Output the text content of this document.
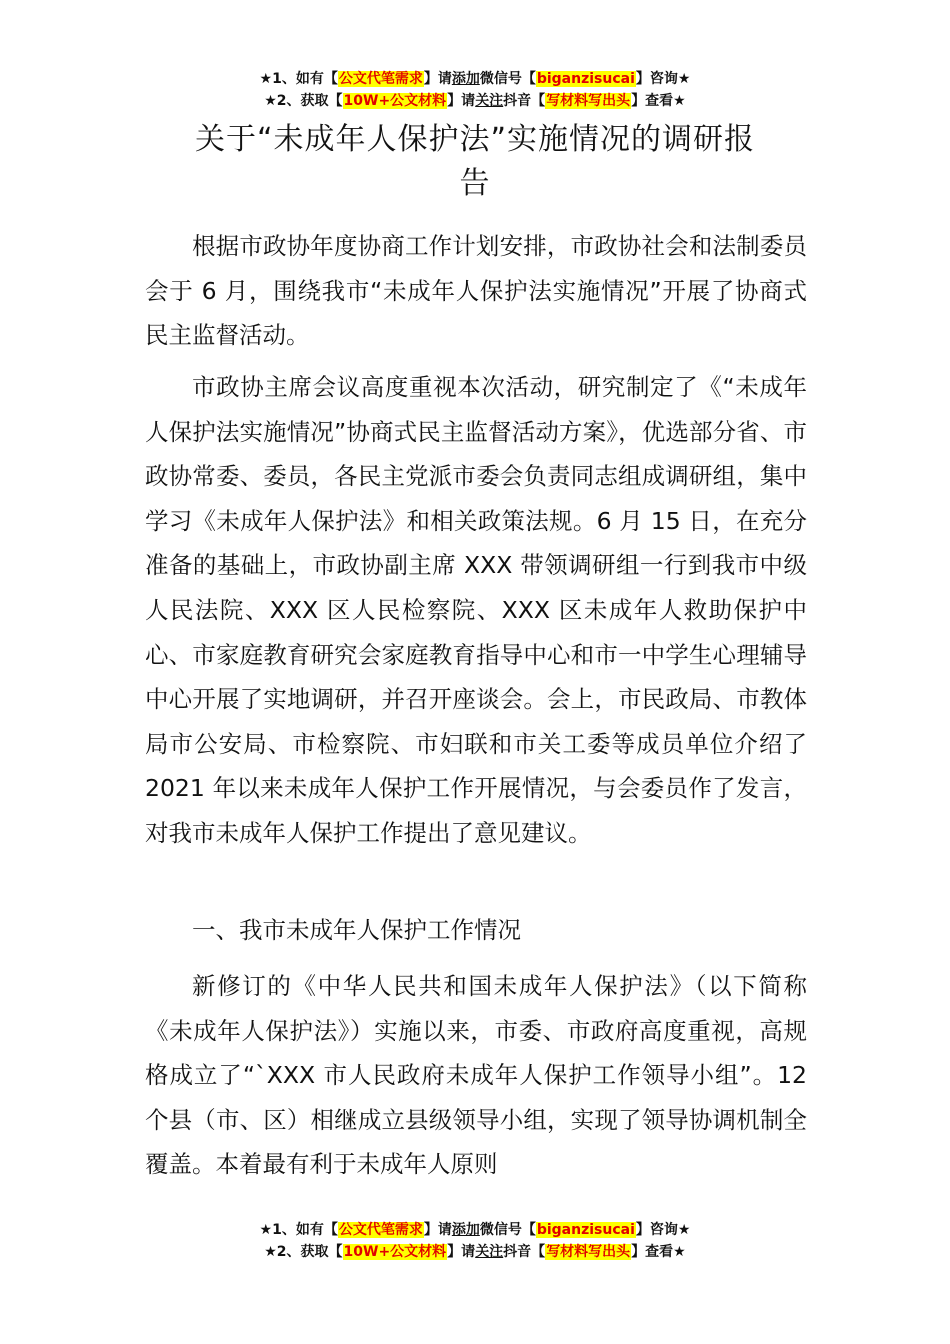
★1、如有【公文代笔需求】请添加微信号【biganzisucai】咨询★
★2、获取【10W+公文材料】请关注抖音【写材料写出头】查看★
关于“未成年人保护法”实施情况的调研报
告

根据市政协年度协商工作计划安排，市政协社会和法制委员会于 6 月，围绕我市“未成年人保护法实施情况”开展了协商式民主监督活动。

市政协主席会议高度重视本次活动，研究制定了《“未成年人保护法实施情况”协商式民主监督活动方案》，优选部分省、市政协常委、委员，各民主党派市委会负责同志组成调研组，集中学习《未成年人保护法》和相关政策法规。6 月 15 日，在充分准备的基础上，市政协副主席 XXX 带领调研组一行到我市中级人民法院、XXX 区人民检察院、XXX 区未成年人救助保护中心、市家庭教育研究会家庭教育指导中心和市一中学生心理辅导中心开展了实地调研，并召开座谈会。会上，市民政局、市教体局市公安局、市检察院、市妇联和市关工委等成员单位介绍了 2021 年以来未成年人保护工作开展情况，与会委员作了发言，对我市未成年人保护工作提出了意见建议。

一、我市未成年人保护工作情况

新修订的《中华人民共和国未成年人保护法》（以下简称《未成年人保护法》）实施以来，市委、市政府高度重视，高规格成立了“`XXX 市人民政府未成年人保护工作领导小组”。12 个县（市、区）相继成立县级领导小组，实现了领导协调机制全覆盖。本着最有利于未成年人原则

★1、如有【公文代笔需求】请添加微信号【biganzisucai】咨询★
★2、获取【10W+公文材料】请关注抖音【写材料写出头】查看★
